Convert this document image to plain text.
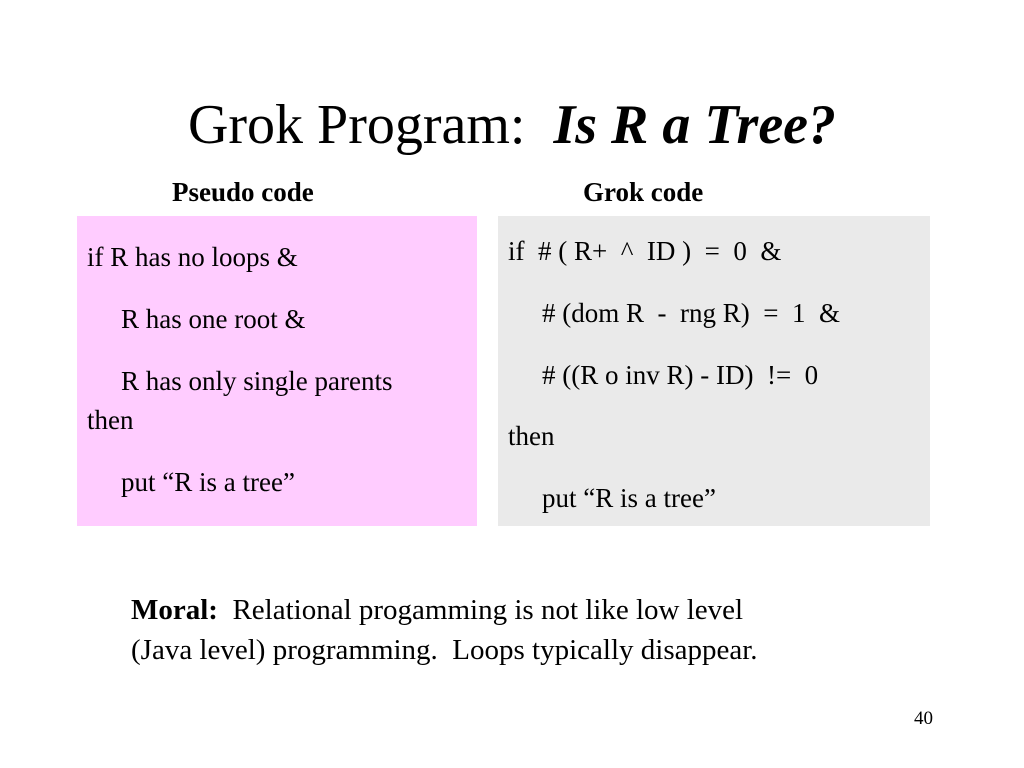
Grok Program: Is R a Tree?
Pseudo code	Grok code
if R has no loops &
R has one root &
R has only single parents
then
put “R is a tree”
if  # ( R+  ^  ID )  =  0  &
# (dom R  -  rng R)  =  1  &
# ((R o inv R) - ID)  !=  0
then
put “R is a tree”
Moral: Relational progamming is not like low level
(Java level) programming.  Loops typically disappear.
40
